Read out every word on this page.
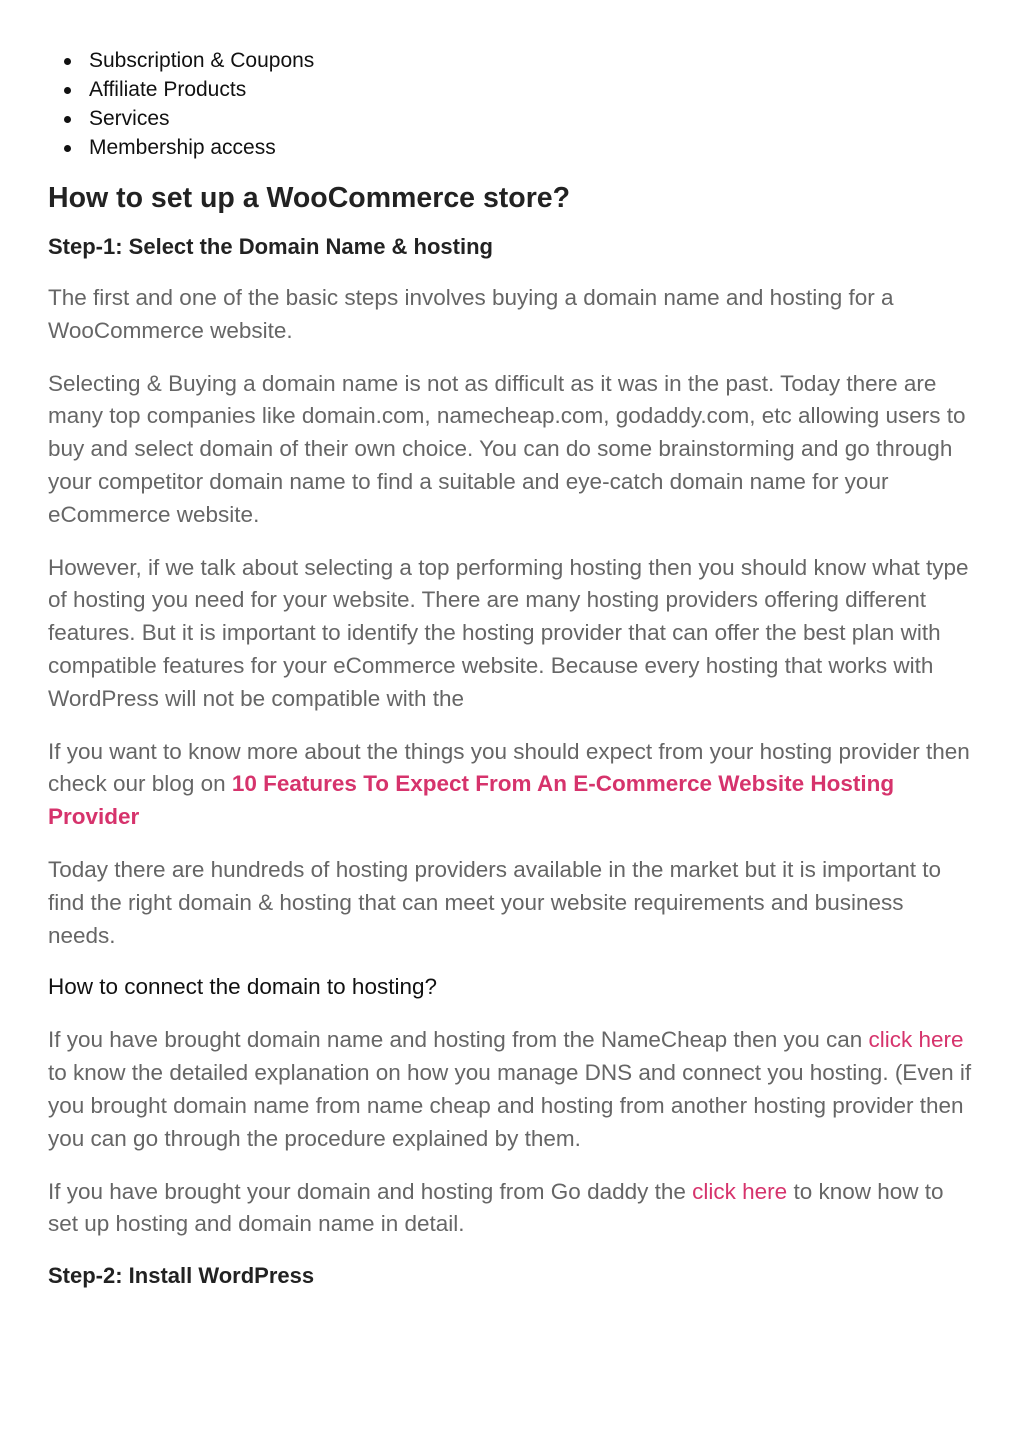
Subscription & Coupons
Affiliate Products
Services
Membership access
How to set up a WooCommerce store?
Step-1: Select the Domain Name & hosting

The first and one of the basic steps involves buying a domain name and hosting for a WooCommerce website.

Selecting & Buying a domain name is not as difficult as it was in the past. Today there are many top companies like domain.com, namecheap.com, godaddy.com, etc allowing users to buy and select domain of their own choice. You can do some brainstorming and go through your competitor domain name to find a suitable and eye-catch domain name for your eCommerce website.

However, if we talk about selecting a top performing hosting then you should know what type of hosting you need for your website. There are many hosting providers offering different features. But it is important to identify the hosting provider that can offer the best plan with compatible features for your eCommerce website. Because every hosting that works with WordPress will not be compatible with the

If you want to know more about the things you should expect from your hosting provider then check our blog on 10 Features To Expect From An E-Commerce Website Hosting Provider

Today there are hundreds of hosting providers available in the market but it is important to find the right domain & hosting that can meet your website requirements and business needs.

How to connect the domain to hosting?

If you have brought domain name and hosting from the NameCheap then you can click here to know the detailed explanation on how you manage DNS and connect you hosting. (Even if you brought domain name from name cheap and hosting from another hosting provider then you can go through the procedure explained by them.

If you have brought your domain and hosting from Go daddy the click here to know how to set up hosting and domain name in detail.

Step-2: Install WordPress
